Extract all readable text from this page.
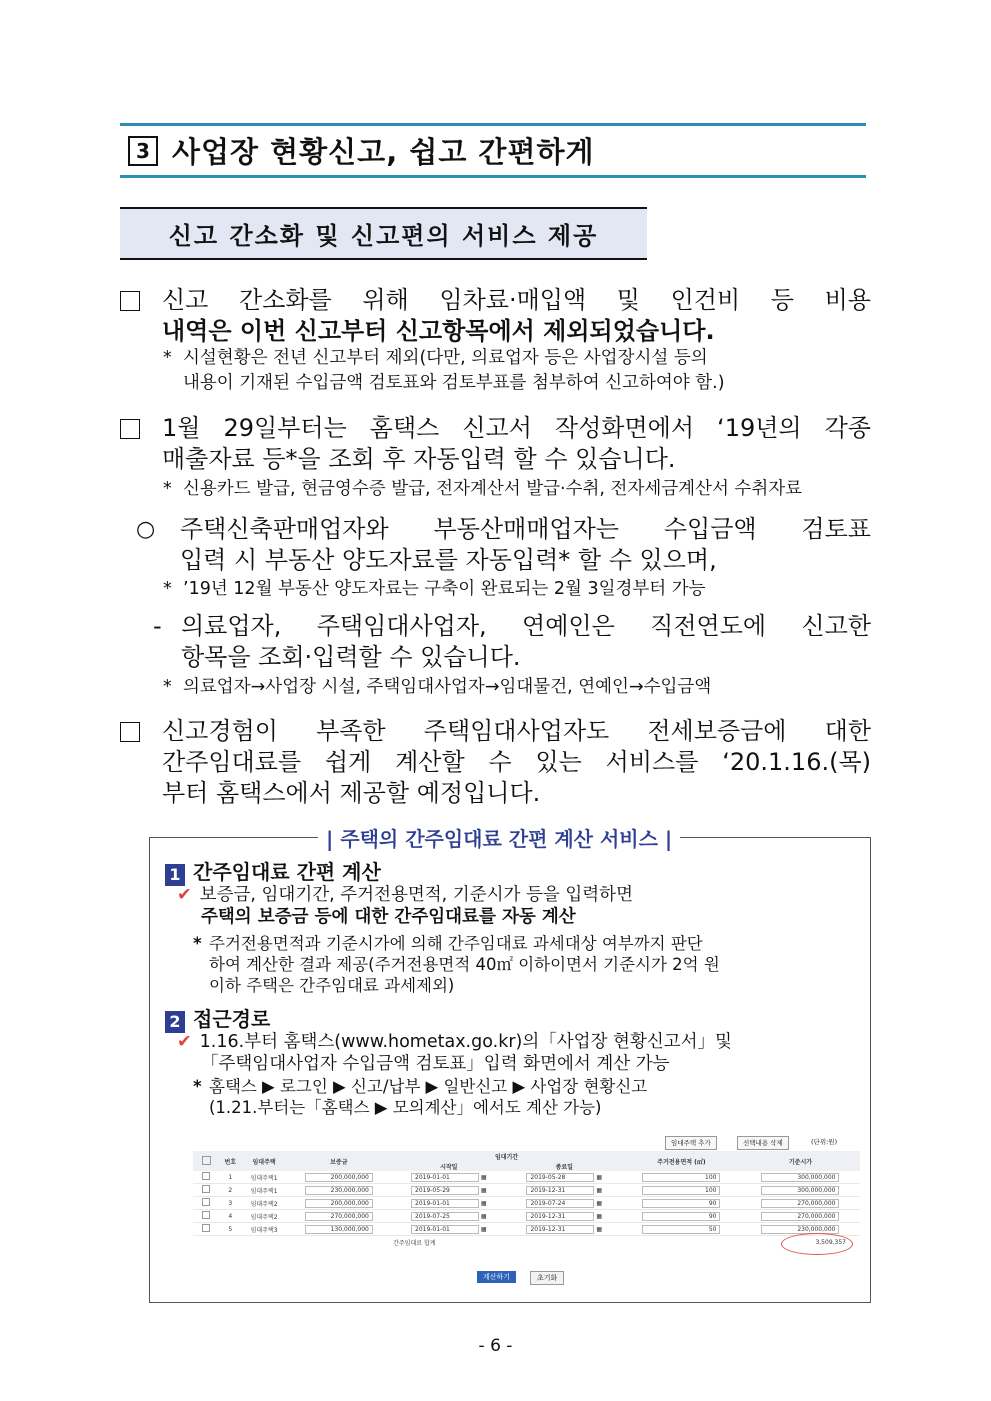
3 사업장 현황신고, 쉽고 간편하게
신고 간소화 및 신고편의 서비스 제공
신고 간소화를 위해 임차료·매입액 및 인건비 등 비용
내역은 이번 신고부터 신고항목에서 제외되었습니다.
* 시설현황은 전년 신고부터 제외(다만, 의료업자 등은 사업장시설 등의
내용이 기재된 수입금액 검토표와 검토부표를 첨부하여 신고하여야 함.)
1월 29일부터는 홈택스 신고서 작성화면에서 ‘19년의 각종
매출자료 등*을 조회 후 자동입력 할 수 있습니다.
* 신용카드 발급, 현금영수증 발급, 전자계산서 발급·수취, 전자세금계산서 수취자료
○ 주택신축판매업자와 부동산매매업자는 수입금액 검토표
입력 시 부동산 양도자료를 자동입력* 할 수 있으며,
* ’19년 12월 부동산 양도자료는 구축이 완료되는 2월 3일경부터 가능
- 의료업자, 주택임대사업자, 연예인은 직전연도에 신고한
항목을 조회·입력할 수 있습니다.
* 의료업자→사업장 시설, 주택임대사업자→임대물건, 연예인→수입금액
신고경험이 부족한 주택임대사업자도 전세보증금에 대한
간주임대료를 쉽게 계산할 수 있는 서비스를 ‘20.1.16.(목)
부터 홈택스에서 제공할 예정입니다.
| 주택의 간주임대료 간편 계산 서비스 |
1 간주임대료 간편 계산
✔ 보증금, 임대기간, 주거전용면적, 기준시가 등을 입력하면
주택의 보증금 등에 대한 간주임대료를 자동 계산
* 주거전용면적과 기준시가에 의해 간주임대료 과세대상 여부까지 판단
하여 계산한 결과 제공(주거전용면적 40㎡ 이하이면서 기준시가 2억 원
이하 주택은 간주임대료 과세제외)
2 접근경로
✔ 1.16.부터 홈택스(www.hometax.go.kr)의「사업장 현황신고서」및
「주택임대사업자 수입금액 검토표」입력 화면에서 계산 가능
* 홈택스 ▶ 로그인 ▶ 신고/납부 ▶ 일반신고 ▶ 사업장 현황신고
(1.21.부터는「홈택스 ▶ 모의계산」에서도 계산 가능)
임대주택 추가	선택내용 삭제	(단위:원)
	번호	임대주택	보증금	임대기간		주거전용면적 (㎡)	기준시가
				시작일	종료일		
	1	임대주택1	200,000,000	2019-01-01 ▦	2019-05-28 ▦	100	300,000,000
	2	임대주택1	230,000,000	2019-05-29 ▦	2019-12-31 ▦	100	300,000,000
	3	임대주택2	200,000,000	2019-01-01 ▦	2019-07-24 ▦	90	270,000,000
	4	임대주택2	270,000,000	2019-07-25 ▦	2019-12-31 ▦	90	270,000,000
	5	임대주택3	130,000,000	2019-01-01 ▦	2019-12-31 ▦	50	230,000,000
				간주임대료 합계			3,509,357
계산하기	초기화
- 6 -
